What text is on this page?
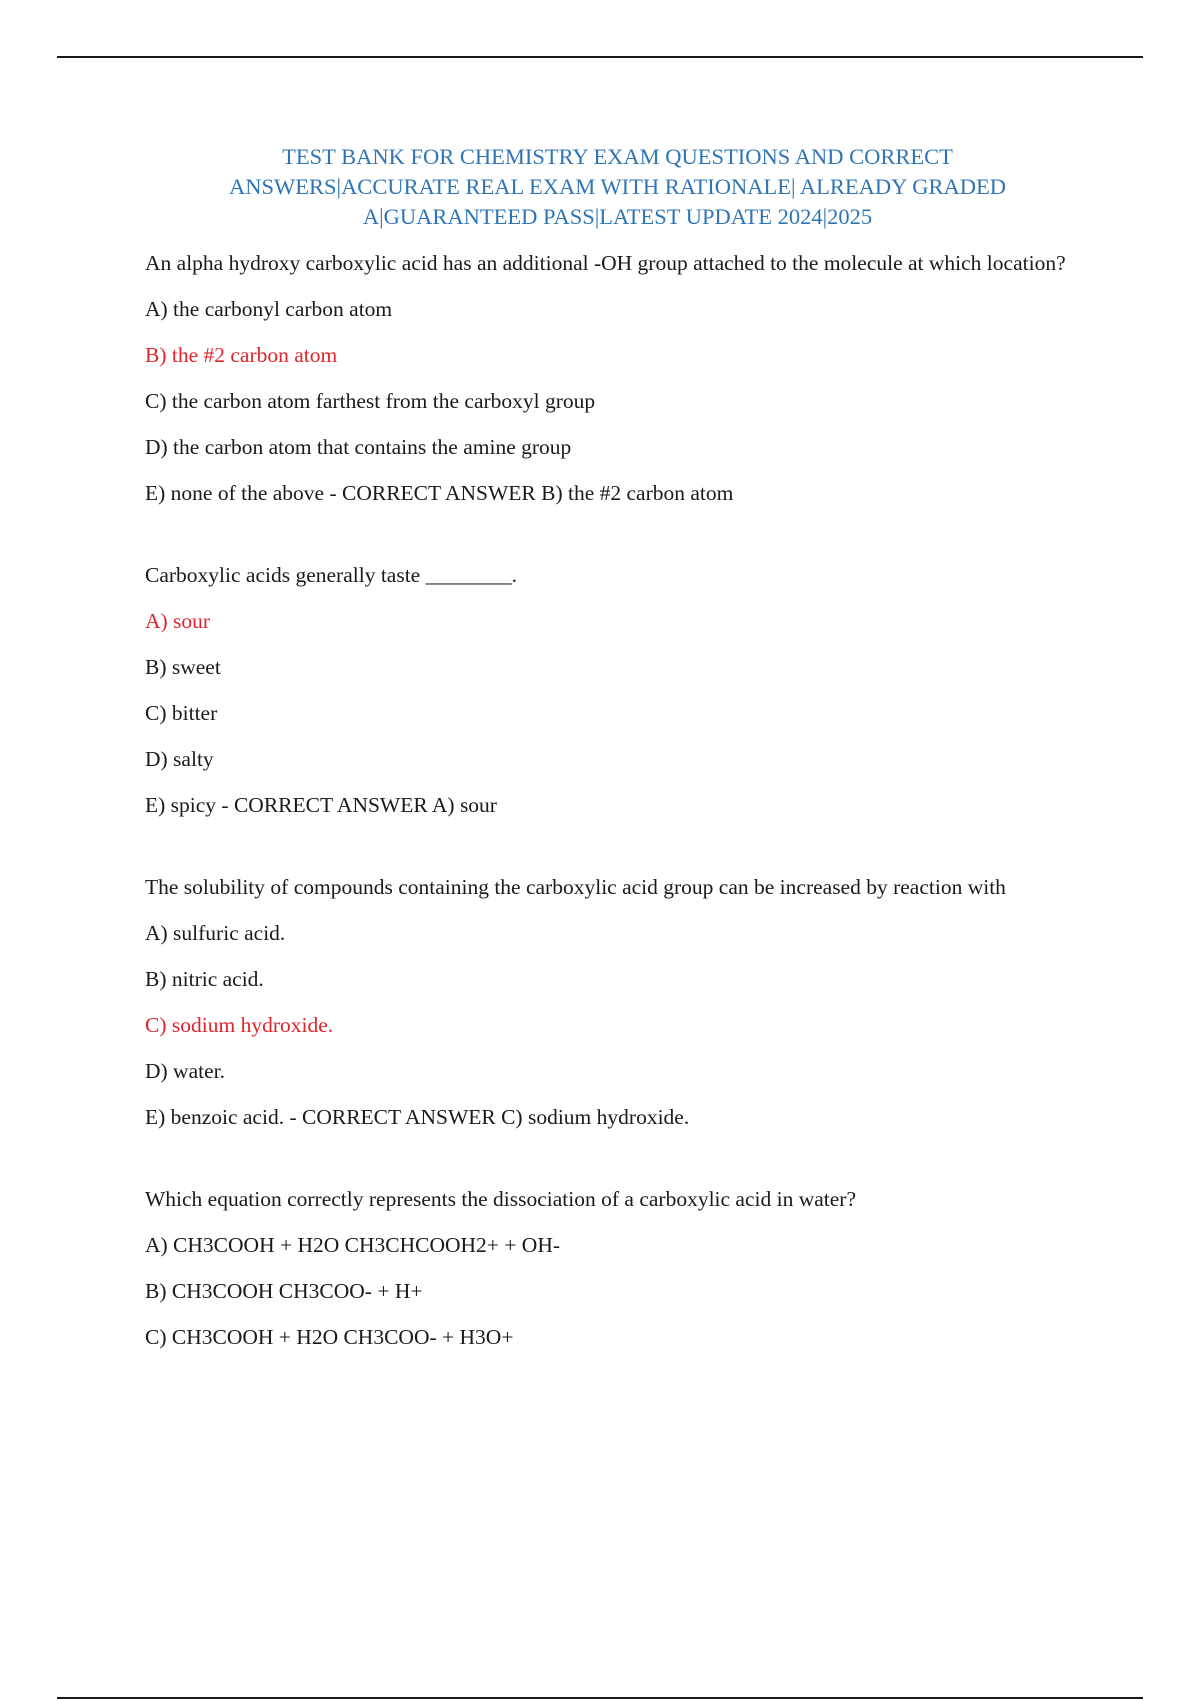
TEST BANK FOR CHEMISTRY EXAM QUESTIONS AND CORRECT
ANSWERS|ACCURATE REAL EXAM WITH RATIONALE| ALREADY GRADED
A|GUARANTEED PASS|LATEST UPDATE 2024|2025

An alpha hydroxy carboxylic acid has an additional -OH group attached to the molecule at which location?

A) the carbonyl carbon atom
B) the #2 carbon atom
C) the carbon atom farthest from the carboxyl group
D) the carbon atom that contains the amine group
E) none of the above - CORRECT ANSWER B) the #2 carbon atom

Carboxylic acids generally taste ________.

A) sour
B) sweet
C) bitter
D) salty
E) spicy - CORRECT ANSWER A) sour

The solubility of compounds containing the carboxylic acid group can be increased by reaction with

A) sulfuric acid.
B) nitric acid.
C) sodium hydroxide.
D) water.
E) benzoic acid. - CORRECT ANSWER C) sodium hydroxide.

Which equation correctly represents the dissociation of a carboxylic acid in water?

A) CH3COOH + H2O CH3CHCOOH2+ + OH-
B) CH3COOH CH3COO- + H+
C) CH3COOH + H2O CH3COO- + H3O+
